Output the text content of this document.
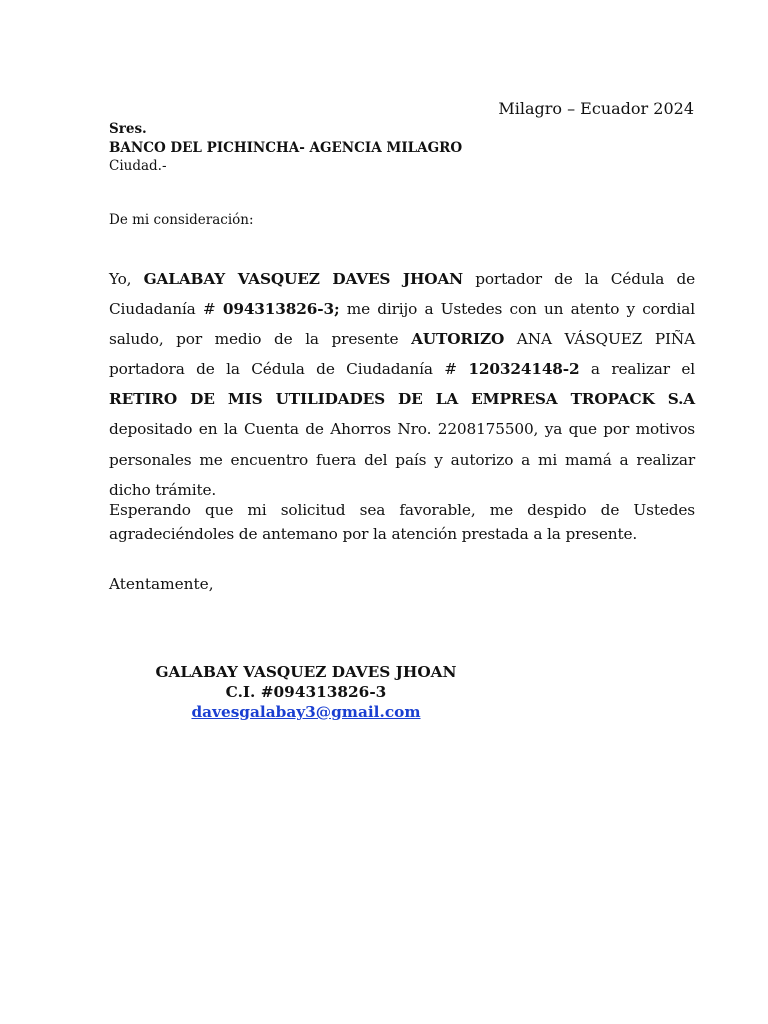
Milagro – Ecuador 2024
Sres.
BANCO DEL PICHINCHA- AGENCIA MILAGRO
Ciudad.-
De mi consideración:
Yo, GALABAY VASQUEZ DAVES JHOAN portador de la Cédula de Ciudadanía # 094313826-3; me dirijo a Ustedes con un atento y cordial saludo, por medio de la presente AUTORIZO ANA VÁSQUEZ PIÑA portadora de la Cédula de Ciudadanía # 120324148-2 a realizar el RETIRO DE MIS UTILIDADES DE LA EMPRESA TROPACK S.A depositado en la Cuenta de Ahorros Nro. 2208175500, ya que por motivos personales me encuentro fuera del país y autorizo a mi mamá a realizar dicho trámite.
Esperando que mi solicitud sea favorable, me despido de Ustedes agradeciéndoles de antemano por la atención prestada a la presente.
Atentamente,
GALABAY VASQUEZ DAVES JHOAN
C.I. #094313826-3
davesgalabay3@gmail.com
